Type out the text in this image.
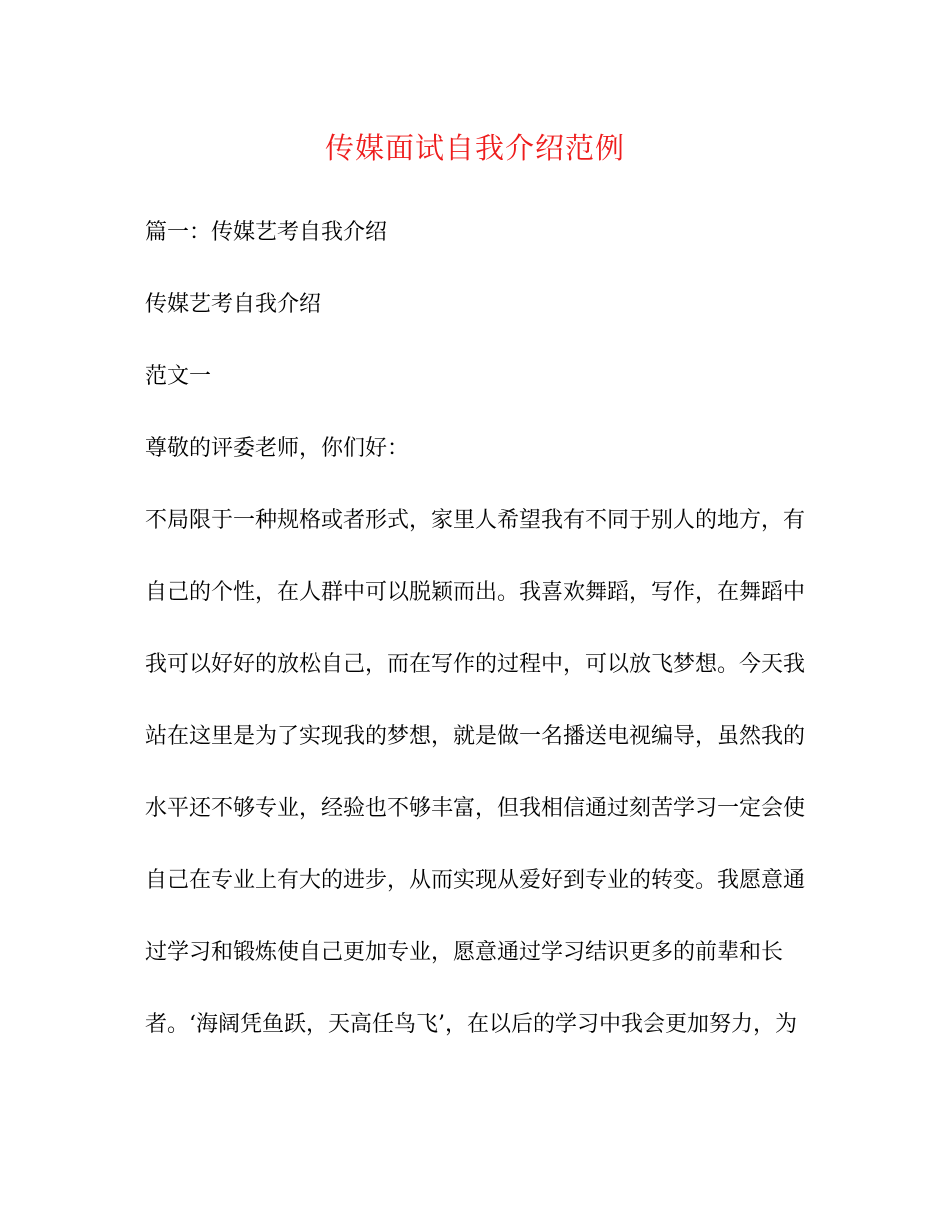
传媒面试自我介绍范例

篇一：传媒艺考自我介绍

传媒艺考自我介绍

范文一

尊敬的评委老师，你们好：

不局限于一种规格或者形式，家里人希望我有不同于别人的地方，有

自己的个性，在人群中可以脱颖而出。我喜欢舞蹈，写作，在舞蹈中

我可以好好的放松自己，而在写作的过程中，可以放飞梦想。今天我

站在这里是为了实现我的梦想，就是做一名播送电视编导，虽然我的

水平还不够专业，经验也不够丰富，但我相信通过刻苦学习一定会使

自己在专业上有大的进步，从而实现从爱好到专业的转变。我愿意通

过学习和锻炼使自己更加专业，愿意通过学习结识更多的前辈和长

者。‘海阔凭鱼跃，天高任鸟飞’，在以后的学习中我会更加努力，为
